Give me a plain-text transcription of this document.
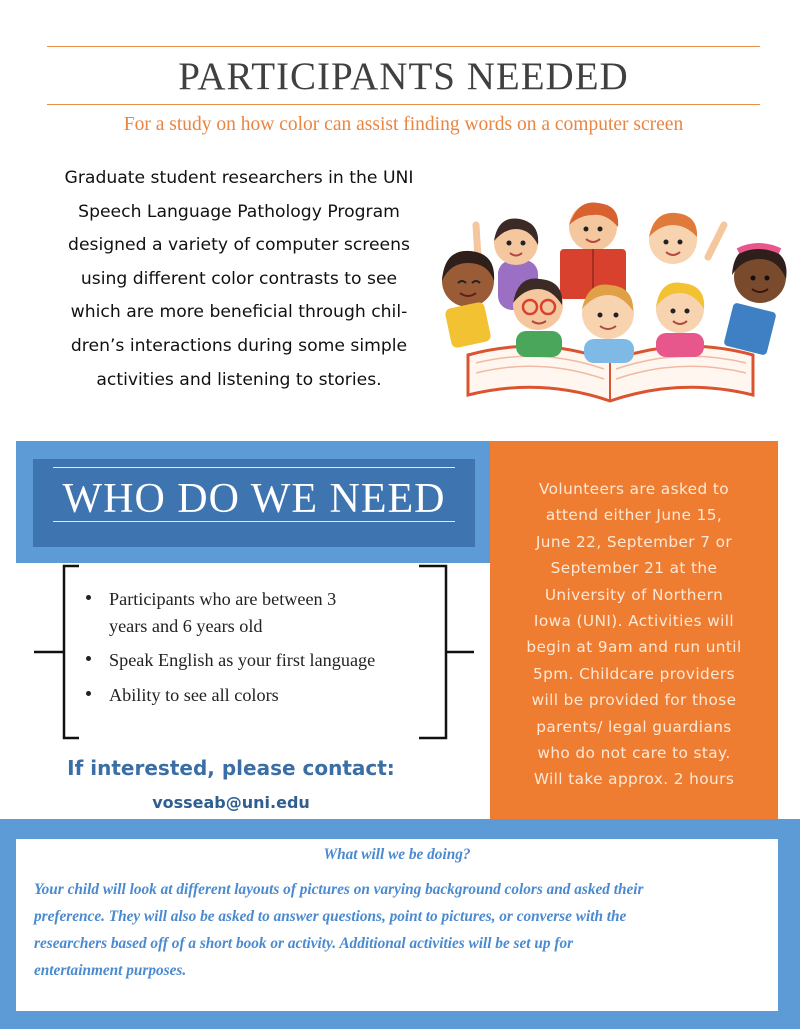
PARTICIPANTS NEEDED
For a study on how color can assist finding words on a computer screen
Graduate student researchers in the UNI
Speech Language Pathology Program
designed a variety of computer screens
using different color contrasts to see
which are more beneficial through chil-
dren’s interactions during some simple
activities and listening to stories.
WHO DO WE NEED	Volunteers are asked to
attend either June 15,
June 22, September 7 or
September 21 at the
University of Northern
Iowa (UNI). Activities will
begin at 9am and run until
5pm. Childcare providers
will be provided for those
parents/ legal guardians
who do not care to stay.
Will take approx. 2 hours
Participants who are between 3
years and 6 years old
Speak English as your first language
Ability to see all colors
If interested, please contact:
vosseab@uni.edu
What will we be doing?
Your child will look at different layouts of pictures on varying background colors and asked their
preference. They will also be asked to answer questions, point to pictures, or converse with the
researchers based off of a short book or activity. Additional activities will be set up for
entertainment purposes.
